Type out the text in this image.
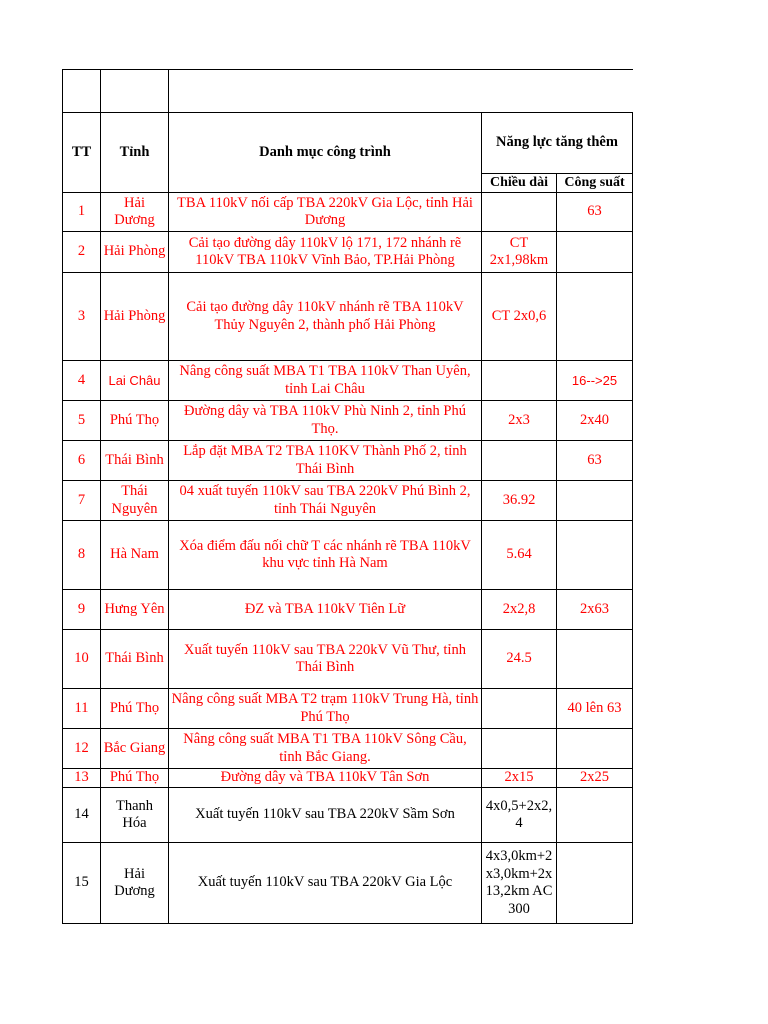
TT	Tỉnh	Danh mục công trình	Năng lực tăng thêm	
			Chiều dài	Công suất
1	Hải Dương	TBA 110kV nối cấp TBA 220kV Gia Lộc, tỉnh Hải Dương		63
2	Hải Phòng	Cải tạo đường dây 110kV lộ 171, 172 nhánh rẽ 110kV TBA 110kV Vĩnh Bảo, TP.Hải Phòng	CT 2x1,98km	
3	Hải Phòng	Cải tạo đường dây 110kV nhánh rẽ TBA 110kV Thủy Nguyên 2, thành phố Hải Phòng	CT 2x0,6	
4	Lai Châu	Nâng công suất MBA T1 TBA 110kV Than Uyên, tỉnh Lai Châu		16-->25
5	Phú Thọ	Đường dây và TBA 110kV Phù Ninh 2, tỉnh Phú Thọ.	2x3	2x40
6	Thái Bình	Lắp đặt MBA T2 TBA 110KV Thành Phố 2, tỉnh Thái Bình		63
7	Thái Nguyên	04 xuất tuyến 110kV sau TBA 220kV Phú Bình 2, tỉnh Thái Nguyên	36.92	
8	Hà Nam	Xóa điểm đấu nối chữ T các nhánh rẽ TBA 110kV khu vực tỉnh Hà Nam	5.64	
9	Hưng Yên	ĐZ và TBA 110kV Tiên Lữ	2x2,8	2x63
10	Thái Bình	Xuất tuyến 110kV sau TBA 220kV Vũ Thư, tỉnh Thái Bình	24.5	
11	Phú Thọ	Nâng công suất MBA T2 trạm 110kV Trung Hà, tỉnh Phú Thọ		40 lên 63
12	Bắc Giang	Nâng công suất MBA T1 TBA 110kV Sông Cầu, tỉnh Bắc Giang.		
13	Phú Thọ	Đường dây và TBA 110kV Tân Sơn	2x15	2x25
14	Thanh Hóa	Xuất tuyến 110kV sau TBA 220kV Sầm Sơn	4x0,5+2x2,4	
15	Hải Dương	Xuất tuyến 110kV sau TBA 220kV Gia Lộc	4x3,0km+2x3,0km+2x13,2km AC300	
